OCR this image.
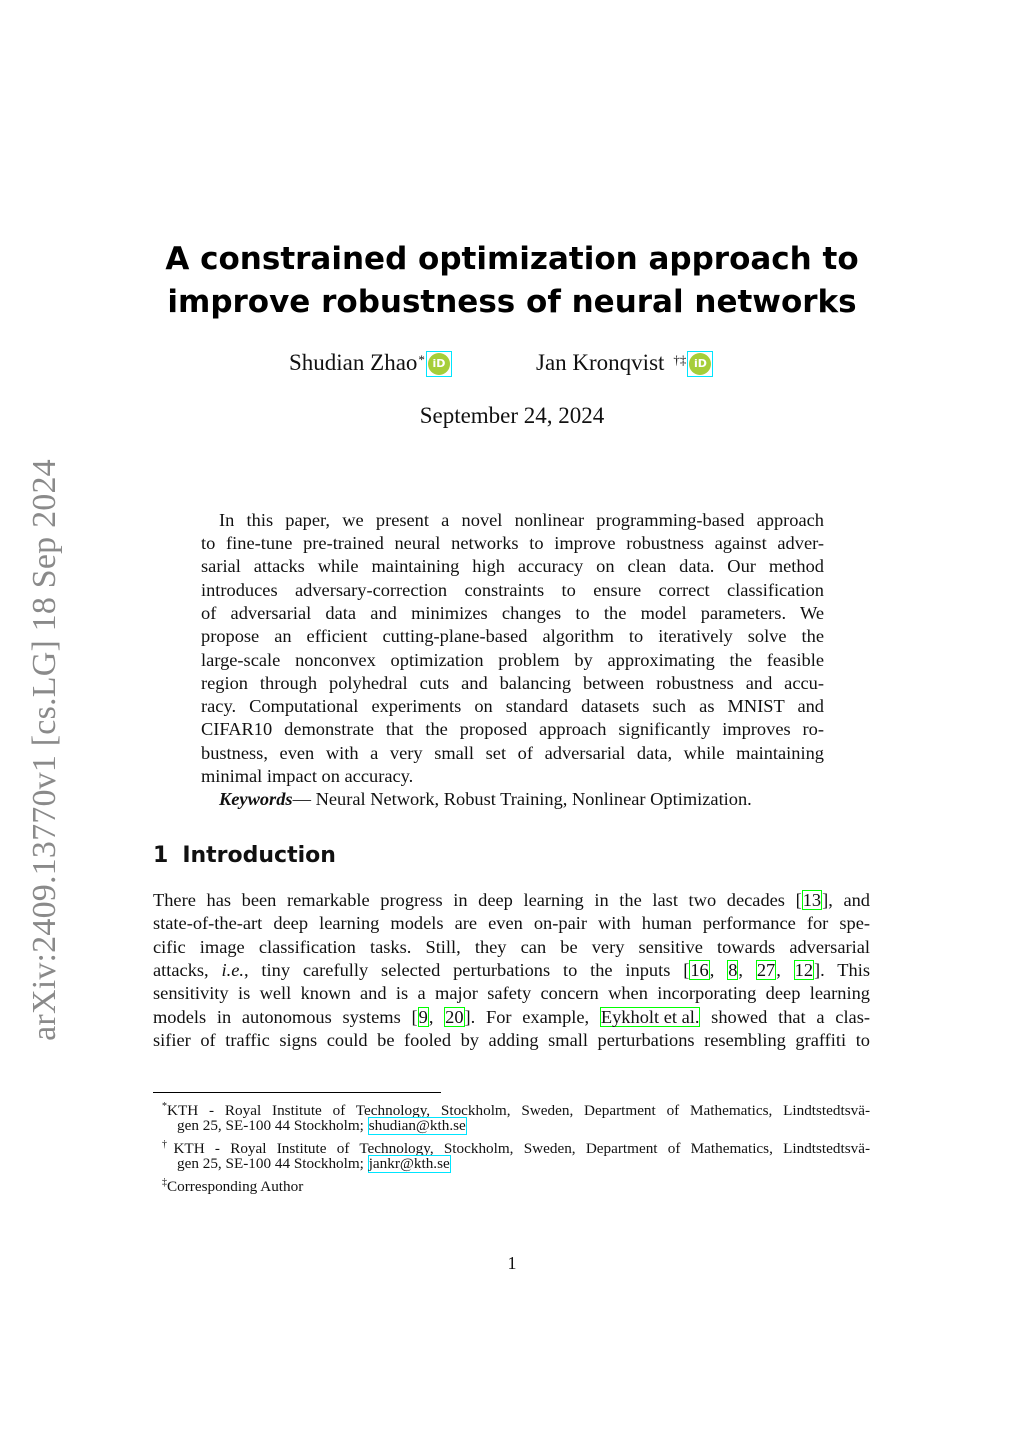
arXiv:2409.13770v1 [cs.LG] 18 Sep 2024
A constrained optimization approach to
improve robustness of neural networks
Shudian Zhao * iD	Jan Kronqvist †‡ iD
September 24, 2024
In this paper, we present a novel nonlinear programming-based approach
to fine-tune pre-trained neural networks to improve robustness against adver-
sarial attacks while maintaining high accuracy on clean data. Our method
introduces adversary-correction constraints to ensure correct classification
of adversarial data and minimizes changes to the model parameters. We
propose an efficient cutting-plane-based algorithm to iteratively solve the
large-scale nonconvex optimization problem by approximating the feasible
region through polyhedral cuts and balancing between robustness and accu-
racy. Computational experiments on standard datasets such as MNIST and
CIFAR10 demonstrate that the proposed approach significantly improves ro-
bustness, even with a very small set of adversarial data, while maintaining
minimal impact on accuracy.
Keywords— Neural Network, Robust Training, Nonlinear Optimization.
1 Introduction
There has been remarkable progress in deep learning in the last two decades [13], and
state-of-the-art deep learning models are even on-pair with human performance for spe-
cific image classification tasks. Still, they can be very sensitive towards adversarial
attacks, i.e., tiny carefully selected perturbations to the inputs [16, 8, 27, 12]. This
sensitivity is well known and is a major safety concern when incorporating deep learning
models in autonomous systems [9, 20]. For example, Eykholt et al. showed that a clas-
sifier of traffic signs could be fooled by adding small perturbations resembling graffiti to
*KTH - Royal Institute of Technology, Stockholm, Sweden, Department of Mathematics, Lindtstedtsvä-
gen 25, SE-100 44 Stockholm; shudian@kth.se
†KTH - Royal Institute of Technology, Stockholm, Sweden, Department of Mathematics, Lindtstedtsvä-
gen 25, SE-100 44 Stockholm; jankr@kth.se
‡Corresponding Author
1
